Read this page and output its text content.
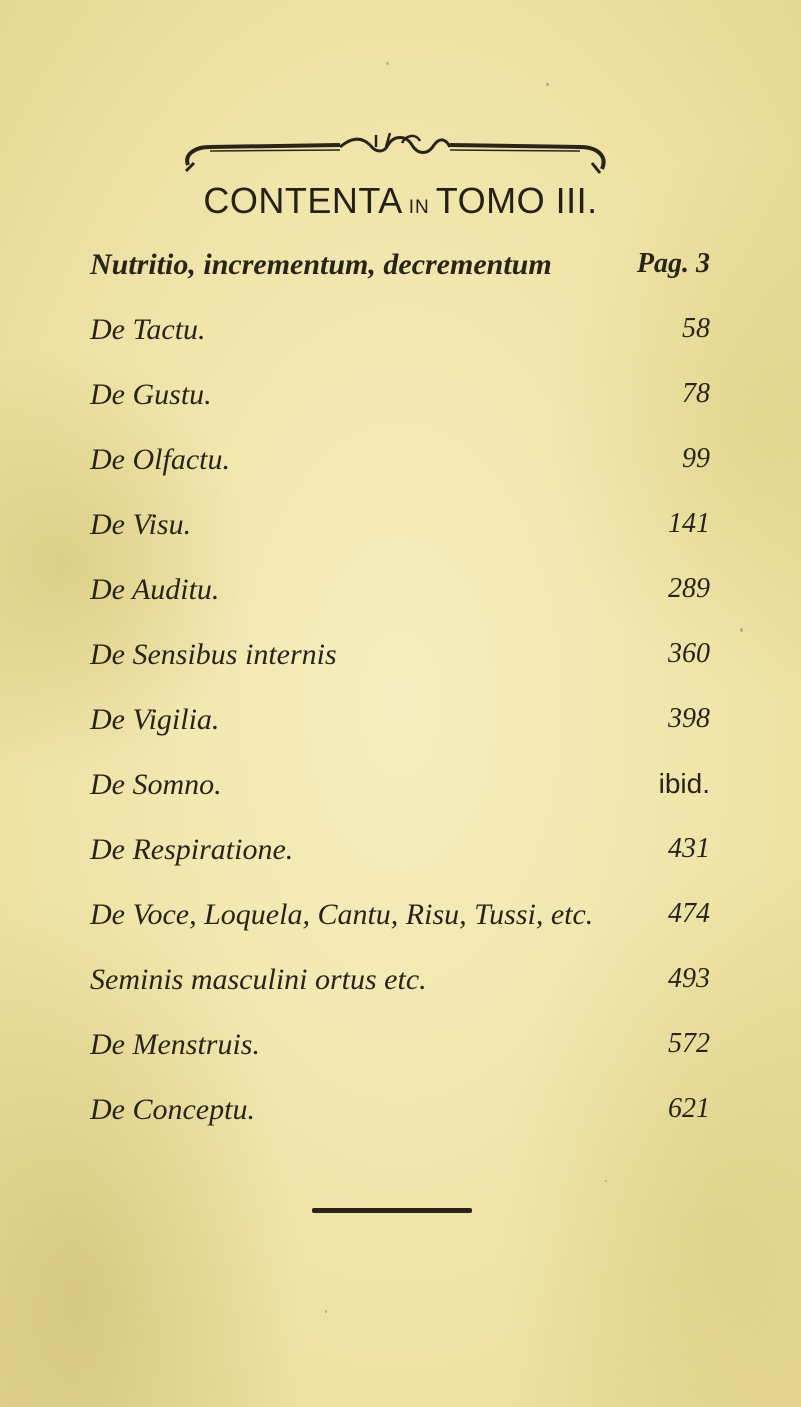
CONTENTA IN TOMO III.
Nutritio, incrementum, decrementum	Pag. 3
De Tactu.	58
De Gustu.	78
De Olfactu.	99
De Visu.	141
De Auditu.	289
De Sensibus internis	360
De Vigilia.	398
De Somno.	ibid.
De Respiratione.	431
De Voce, Loquela, Cantu, Risu, Tussi, etc.	474
Seminis masculini ortus etc.	493
De Menstruis.	572
De Conceptu.	621
